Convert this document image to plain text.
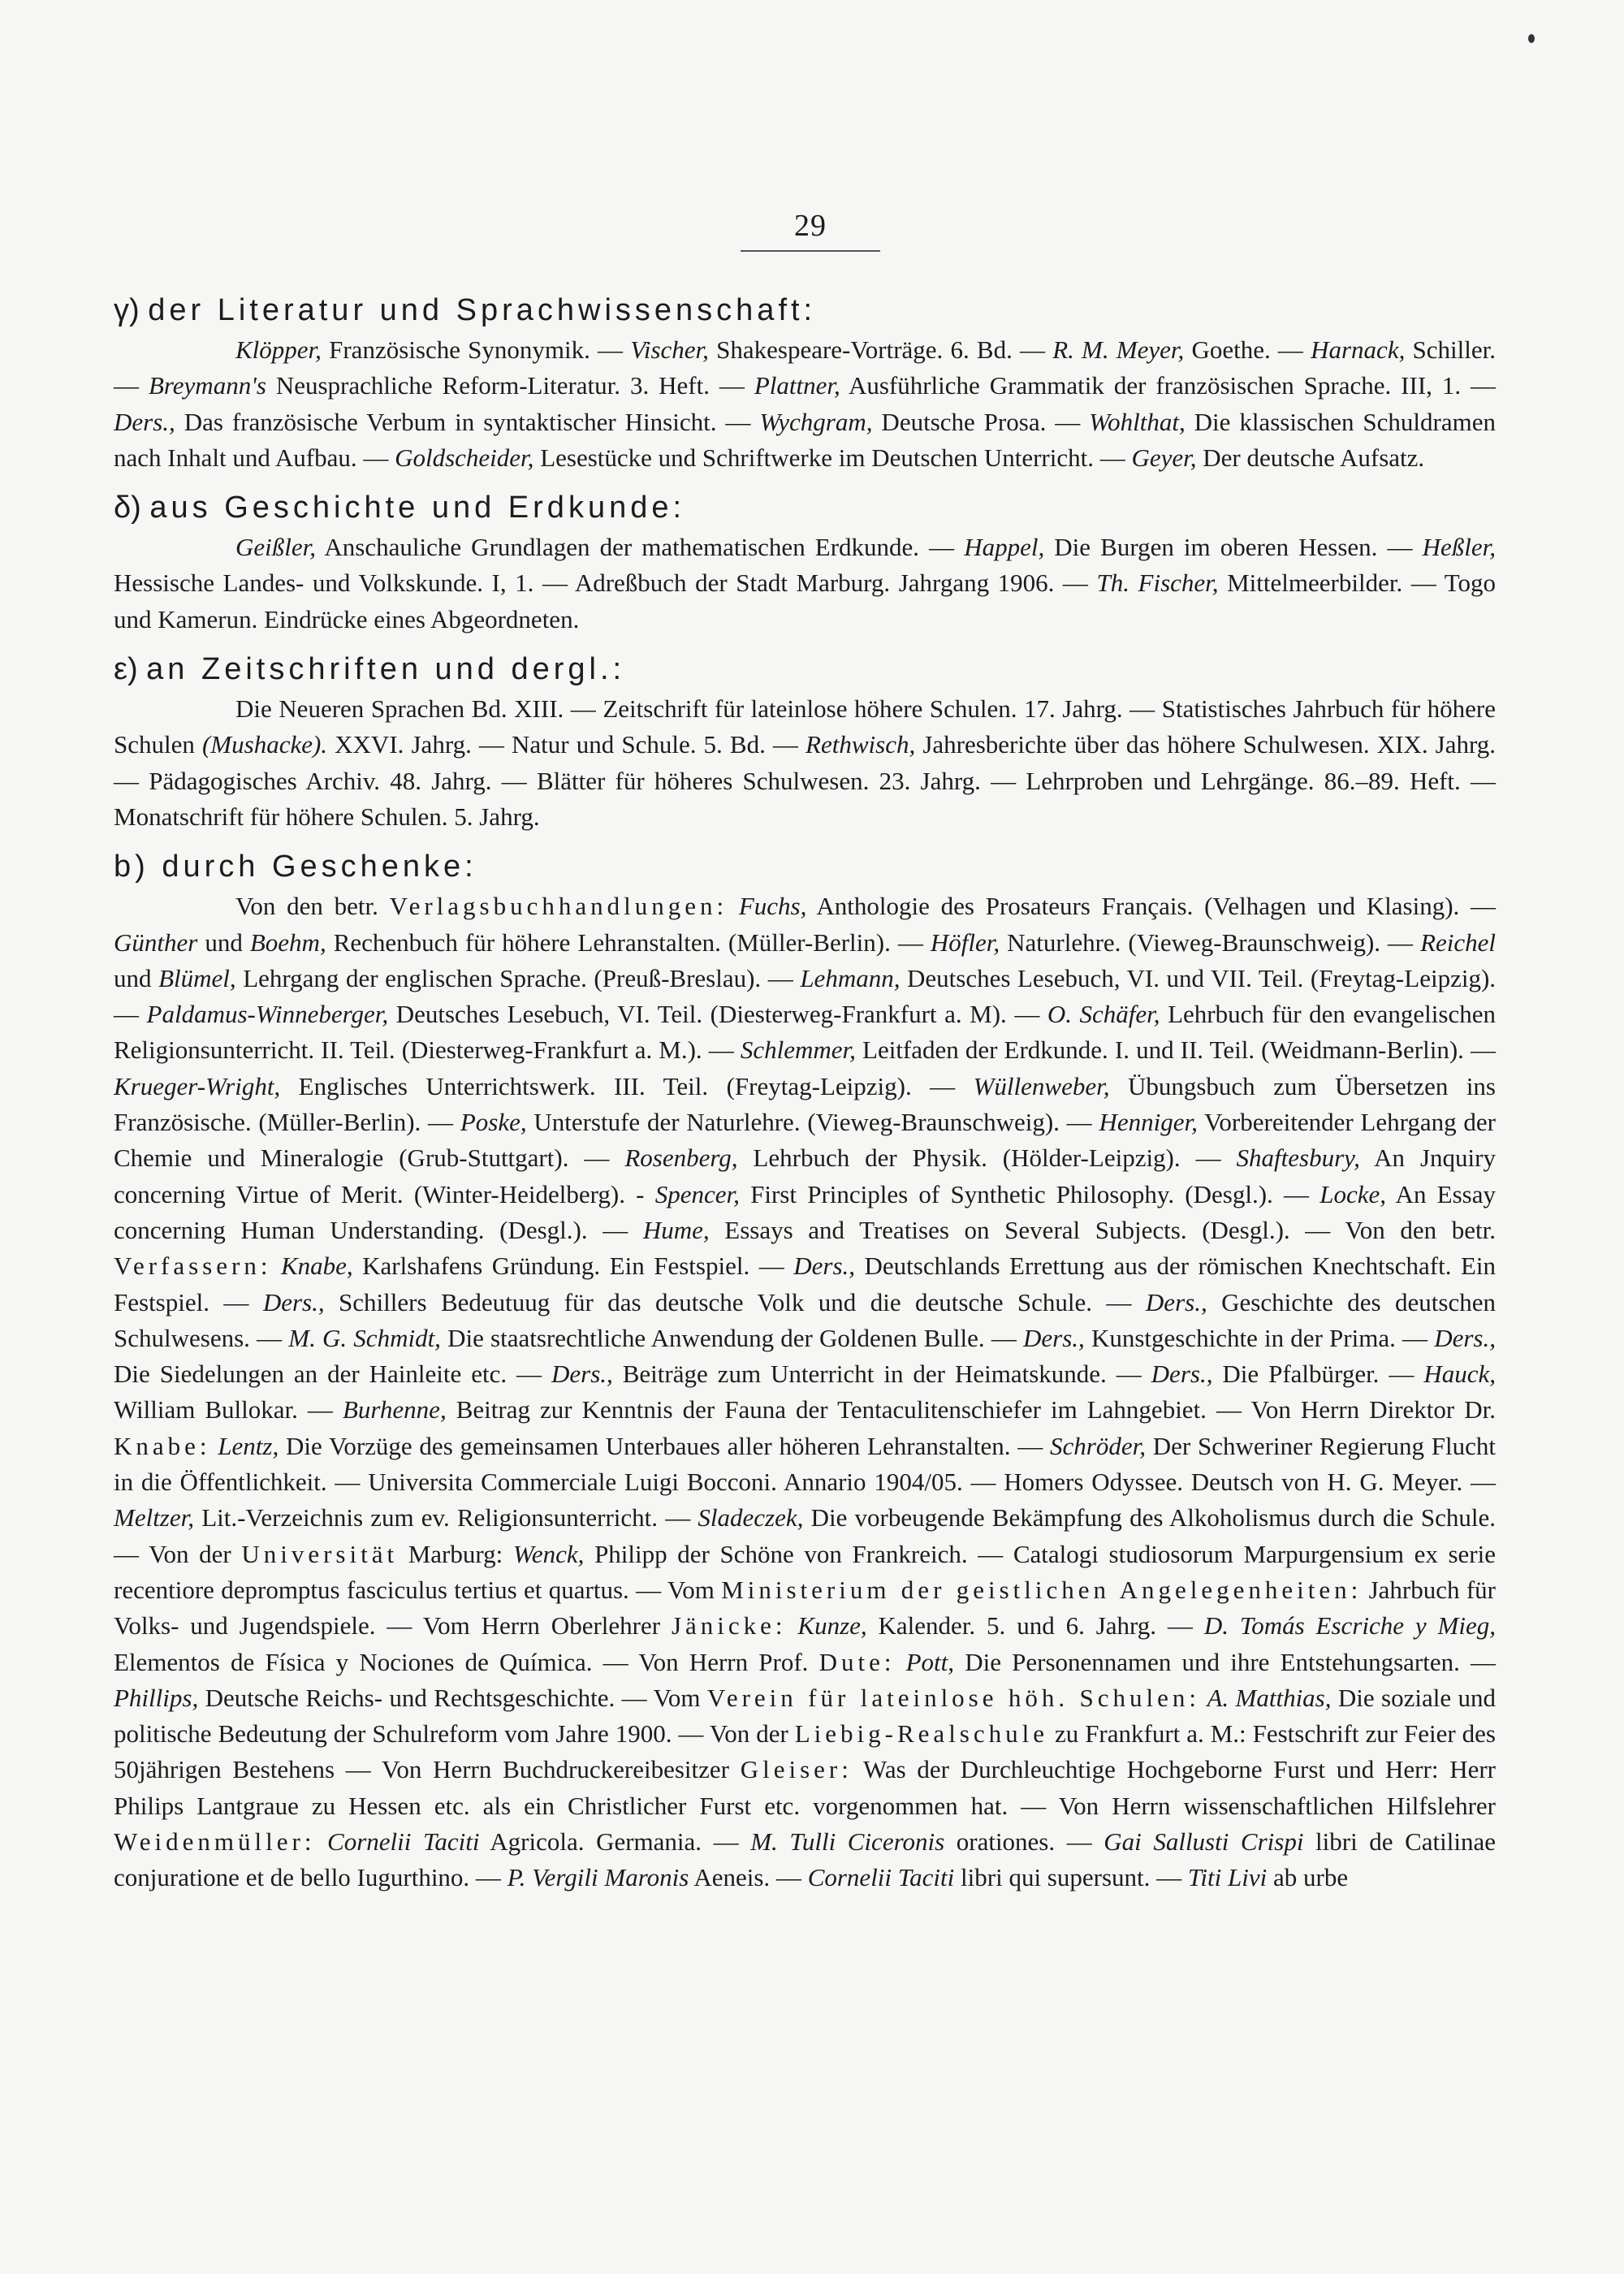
29

γ) der Literatur und Sprachwissenschaft:

Klöpper, Französische Synonymik. — Vischer, Shakespeare-Vorträge. 6. Bd. — R. M. Meyer, Goethe. — Harnack, Schiller. — Breymann's Neusprachliche Reform-Literatur. 3. Heft. — Plattner, Ausführliche Grammatik der französischen Sprache. III, 1. — Ders., Das französische Verbum in syntaktischer Hinsicht. — Wychgram, Deutsche Prosa. — Wohlthat, Die klassischen Schuldramen nach Inhalt und Aufbau. — Goldscheider, Lesestücke und Schriftwerke im Deutschen Unterricht. — Geyer, Der deutsche Aufsatz.

δ) aus Geschichte und Erdkunde:

Geißler, Anschauliche Grundlagen der mathematischen Erdkunde. — Happel, Die Burgen im oberen Hessen. — Heßler, Hessische Landes- und Volkskunde. I, 1. — Adreßbuch der Stadt Marburg. Jahrgang 1906. — Th. Fischer, Mittelmeerbilder. — Togo und Kamerun. Eindrücke eines Abgeordneten.

ε) an Zeitschriften und dergl.:

Die Neueren Sprachen Bd. XIII. — Zeitschrift für lateinlose höhere Schulen. 17. Jahrg. — Statistisches Jahrbuch für höhere Schulen (Mushacke). XXVI. Jahrg. — Natur und Schule. 5. Bd. — Rethwisch, Jahresberichte über das höhere Schulwesen. XIX. Jahrg. — Pädagogisches Archiv. 48. Jahrg. — Blätter für höheres Schulwesen. 23. Jahrg. — Lehrproben und Lehrgänge. 86.–89. Heft. — Monatschrift für höhere Schulen. 5. Jahrg.

b) durch Geschenke:

Von den betr. Verlagsbuchhandlungen: Fuchs, Anthologie des Prosateurs Français. (Velhagen und Klasing). — Günther und Boehm, Rechenbuch für höhere Lehranstalten. (Müller-Berlin). — Höfler, Naturlehre. (Vieweg-Braunschweig). — Reichel und Blümel, Lehrgang der englischen Sprache. (Preuß-Breslau). — Lehmann, Deutsches Lesebuch, VI. und VII. Teil. (Freytag-Leipzig). — Paldamus-Winneberger, Deutsches Lesebuch, VI. Teil. (Diesterweg-Frankfurt a. M). — O. Schäfer, Lehrbuch für den evangelischen Religionsunterricht. II. Teil. (Diesterweg-Frankfurt a. M.). — Schlemmer, Leitfaden der Erdkunde. I. und II. Teil. (Weidmann-Berlin). — Krueger-Wright, Englisches Unterrichtswerk. III. Teil. (Freytag-Leipzig). — Wüllenweber, Übungsbuch zum Übersetzen ins Französische. (Müller-Berlin). — Poske, Unterstufe der Naturlehre. (Vieweg-Braunschweig). — Henniger, Vorbereitender Lehrgang der Chemie und Mineralogie (Grub-Stuttgart). — Rosenberg, Lehrbuch der Physik. (Hölder-Leipzig). — Shaftesbury, An Jnquiry concerning Virtue of Merit. (Winter-Heidelberg). - Spencer, First Principles of Synthetic Philosophy. (Desgl.). — Locke, An Essay concerning Human Understanding. (Desgl.). — Hume, Essays and Treatises on Several Subjects. (Desgl.). — Von den betr. Verfassern: Knabe, Karlshafens Gründung. Ein Festspiel. — Ders., Deutschlands Errettung aus der römischen Knechtschaft. Ein Festspiel. — Ders., Schillers Bedeutuug für das deutsche Volk und die deutsche Schule. — Ders., Geschichte des deutschen Schulwesens. — M. G. Schmidt, Die staatsrechtliche Anwendung der Goldenen Bulle. — Ders., Kunstgeschichte in der Prima. — Ders., Die Siedelungen an der Hainleite etc. — Ders., Beiträge zum Unterricht in der Heimatskunde. — Ders., Die Pfalbürger. — Hauck, William Bullokar. — Burhenne, Beitrag zur Kenntnis der Fauna der Tentaculitenschiefer im Lahngebiet. — Von Herrn Direktor Dr. Knabe: Lentz, Die Vorzüge des gemeinsamen Unterbaues aller höheren Lehranstalten. — Schröder, Der Schweriner Regierung Flucht in die Öffentlichkeit. — Universita Commerciale Luigi Bocconi. Annario 1904/05. — Homers Odyssee. Deutsch von H. G. Meyer. — Meltzer, Lit.-Verzeichnis zum ev. Religionsunterricht. — Sladeczek, Die vorbeugende Bekämpfung des Alkoholismus durch die Schule. — Von der Universität Marburg: Wenck, Philipp der Schöne von Frankreich. — Catalogi studiosorum Marpurgensium ex serie recentiore depromptus fasciculus tertius et quartus. — Vom Ministerium der geistlichen Angelegenheiten: Jahrbuch für Volks- und Jugendspiele. — Vom Herrn Oberlehrer Jänicke: Kunze, Kalender. 5. und 6. Jahrg. — D. Tomás Escriche y Mieg, Elementos de Física y Nociones de Química. — Von Herrn Prof. Dute: Pott, Die Personennamen und ihre Entstehungsarten. — Phillips, Deutsche Reichs- und Rechtsgeschichte. — Vom Verein für lateinlose höh. Schulen: A. Matthias, Die soziale und politische Bedeutung der Schulreform vom Jahre 1900. — Von der Liebig-Realschule zu Frankfurt a. M.: Festschrift zur Feier des 50jährigen Bestehens — Von Herrn Buchdruckereibesitzer Gleiser: Was der Durchleuchtige Hochgeborne Furst und Herr: Herr Philips Lantgraue zu Hessen etc. als ein Christlicher Furst etc. vorgenommen hat. — Von Herrn wissenschaftlichen Hilfslehrer Weidenmüller: Cornelii Taciti Agricola. Germania. — M. Tulli Ciceronis orationes. — Gai Sallusti Crispi libri de Catilinae conjuratione et de bello Iugurthino. — P. Vergili Maronis Aeneis. — Cornelii Taciti libri qui supersunt. — Titi Livi ab urbe
